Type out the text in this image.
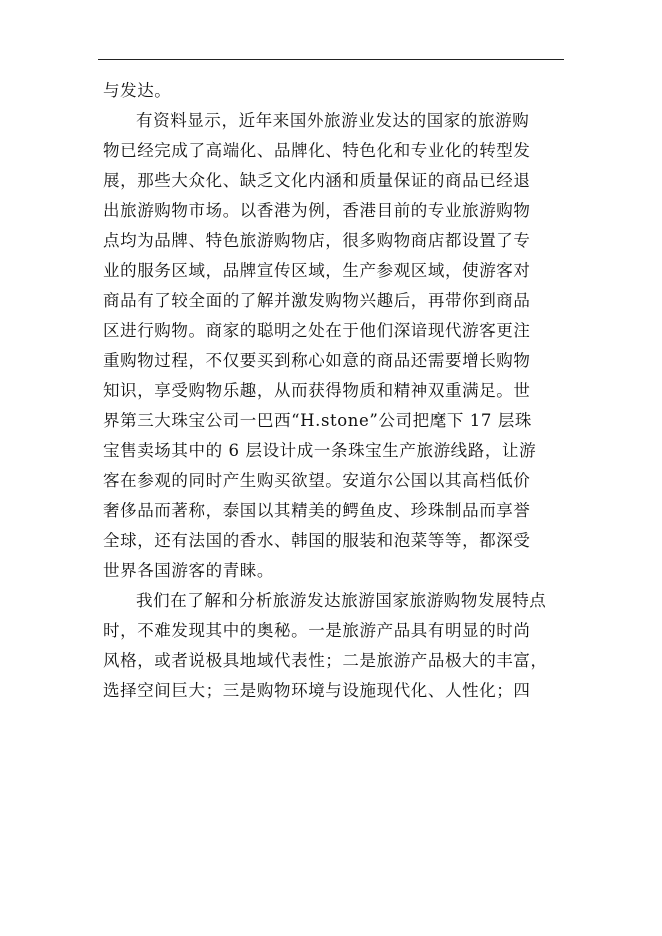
与发达。
有资料显示，近年来国外旅游业发达的国家的旅游购
物已经完成了高端化、品牌化、特色化和专业化的转型发
展，那些大众化、缺乏文化内涵和质量保证的商品已经退
出旅游购物市场。以香港为例，香港目前的专业旅游购物
点均为品牌、特色旅游购物店，很多购物商店都设置了专
业的服务区域，品牌宣传区域，生产参观区域，使游客对
商品有了较全面的了解并激发购物兴趣后，再带你到商品
区进行购物。商家的聪明之处在于他们深谙现代游客更注
重购物过程，不仅要买到称心如意的商品还需要增长购物
知识，享受购物乐趣，从而获得物质和精神双重满足。世
界第三大珠宝公司一巴西“H.stone”公司把麾下 17 层珠
宝售卖场其中的 6 层设计成一条珠宝生产旅游线路，让游
客在参观的同时产生购买欲望。安道尔公国以其高档低价
奢侈品而著称，泰国以其精美的鳄鱼皮、珍珠制品而享誉
全球，还有法国的香水、韩国的服装和泡菜等等，都深受
世界各国游客的青睐。
我们在了解和分析旅游发达旅游国家旅游购物发展特点
时，不难发现其中的奥秘。一是旅游产品具有明显的时尚
风格，或者说极具地域代表性；二是旅游产品极大的丰富，
选择空间巨大；三是购物环境与设施现代化、人性化；四
